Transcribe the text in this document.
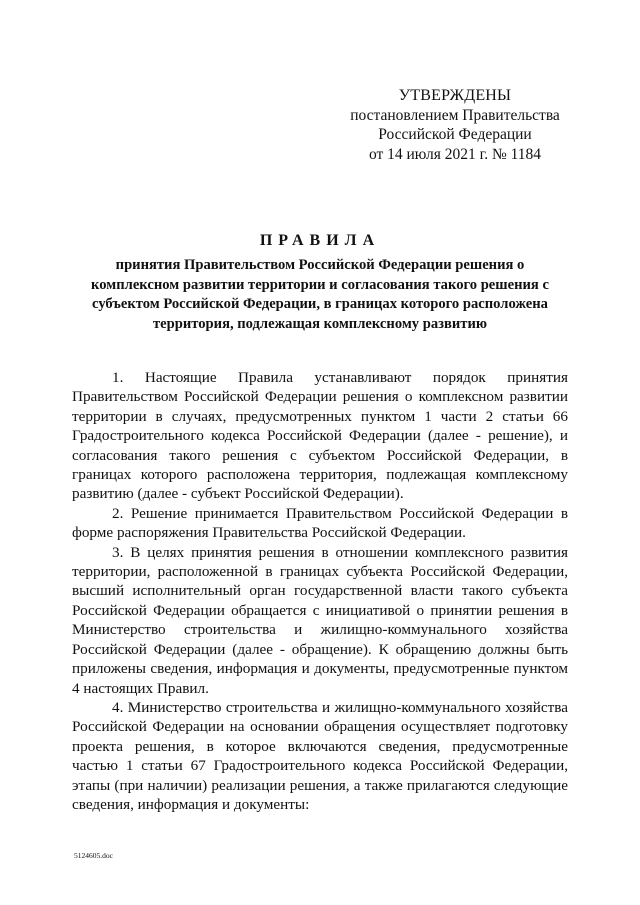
УТВЕРЖДЕНЫ
постановлением Правительства
Российской Федерации
от 14 июля 2021 г. № 1184
ПРАВИЛА
принятия Правительством Российской Федерации решения о комплексном развитии территории и согласования такого решения с субъектом Российской Федерации, в границах которого расположена территория, подлежащая комплексному развитию

1. Настоящие Правила устанавливают порядок принятия Правительством Российской Федерации решения о комплексном развитии территории в случаях, предусмотренных пунктом 1 части 2 статьи 66 Градостроительного кодекса Российской Федерации (далее - решение), и согласования такого решения с субъектом Российской Федерации, в границах которого расположена территория, подлежащая комплексному развитию (далее - субъект Российской Федерации).

2. Решение принимается Правительством Российской Федерации в форме распоряжения Правительства Российской Федерации.

3. В целях принятия решения в отношении комплексного развития территории, расположенной в границах субъекта Российской Федерации, высший исполнительный орган государственной власти такого субъекта Российской Федерации обращается с инициативой о принятии решения в Министерство строительства и жилищно-коммунального хозяйства Российской Федерации (далее - обращение). К обращению должны быть приложены сведения, информация и документы, предусмотренные пунктом 4 настоящих Правил.

4. Министерство строительства и жилищно-коммунального хозяйства Российской Федерации на основании обращения осуществляет подготовку проекта решения, в которое включаются сведения, предусмотренные частью 1 статьи 67 Градостроительного кодекса Российской Федерации, этапы (при наличии) реализации решения, а также прилагаются следующие сведения, информация и документы:

5124605.doc
